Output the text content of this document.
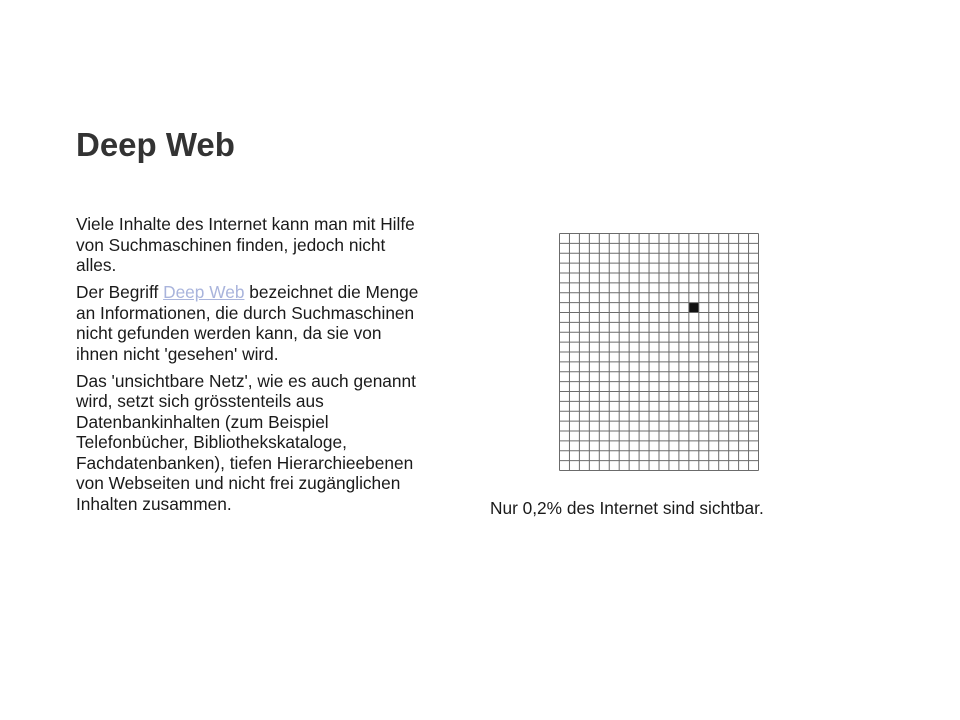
Deep Web

Viele Inhalte des Internet kann man mit Hilfe von Suchmaschinen finden, jedoch nicht alles.

Der Begriff Deep Web bezeichnet die Menge an Informationen, die durch Suchmaschinen nicht gefunden werden kann, da sie von ihnen nicht 'gesehen' wird.

Das 'unsichtbare Netz', wie es auch genannt wird, setzt sich grösstenteils aus Datenbankinhalten (zum Beispiel Telefonbücher, Bibliothekskataloge, Fachdatenbanken), tiefen Hierarchieebenen von Webseiten und nicht frei zugänglichen Inhalten zusammen.	Nur 0,2% des Internet sind sichtbar.
